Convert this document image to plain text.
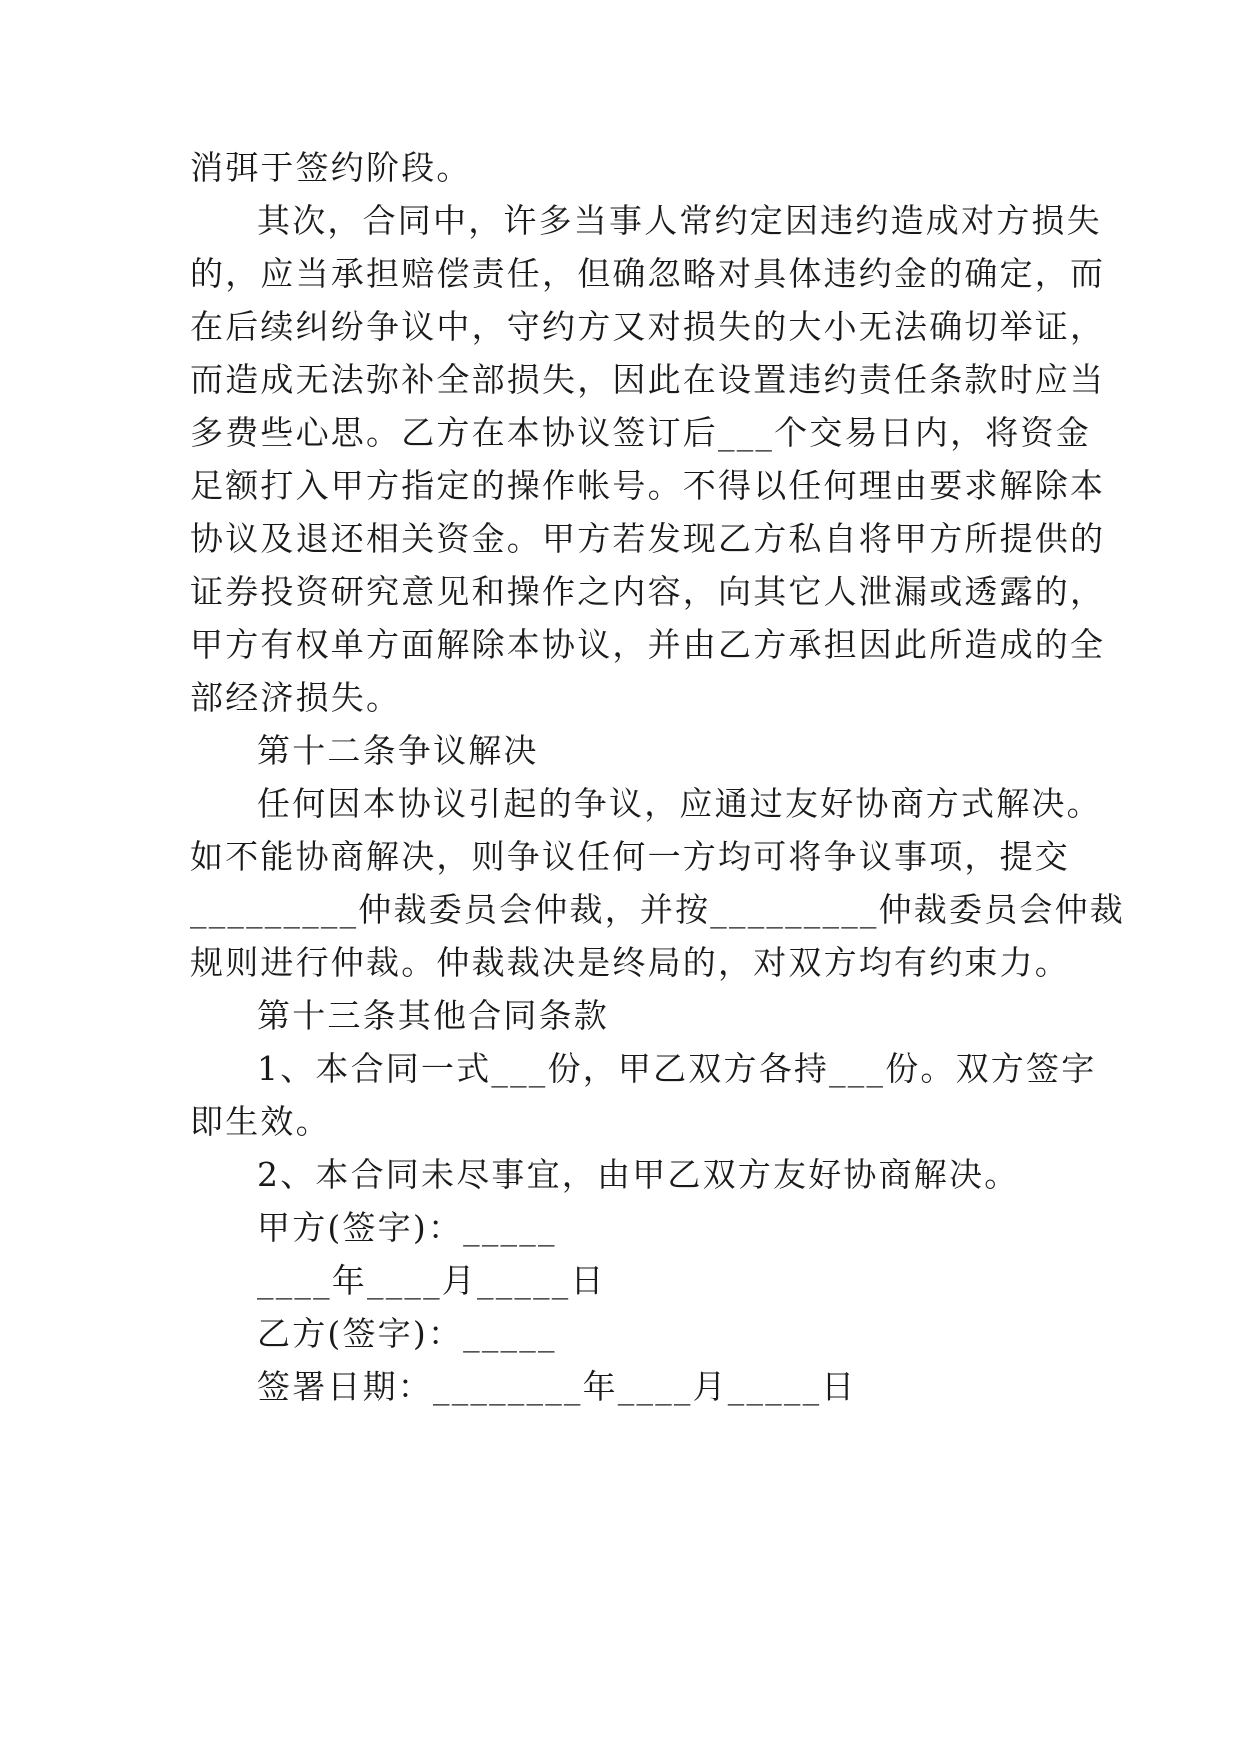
消弭于签约阶段。
其次，合同中，许多当事人常约定因违约造成对方损失
的，应当承担赔偿责任，但确忽略对具体违约金的确定，而
在后续纠纷争议中，守约方又对损失的大小无法确切举证，
而造成无法弥补全部损失，因此在设置违约责任条款时应当
多费些心思。乙方在本协议签订后___个交易日内，将资金
足额打入甲方指定的操作帐号。不得以任何理由要求解除本
协议及退还相关资金。甲方若发现乙方私自将甲方所提供的
证券投资研究意见和操作之内容，向其它人泄漏或透露的，
甲方有权单方面解除本协议，并由乙方承担因此所造成的全
部经济损失。
第十二条争议解决
任何因本协议引起的争议，应通过友好协商方式解决。
如不能协商解决，则争议任何一方均可将争议事项，提交
_________仲裁委员会仲裁，并按_________仲裁委员会仲裁
规则进行仲裁。仲裁裁决是终局的，对双方均有约束力。
第十三条其他合同条款
1、本合同一式___份，甲乙双方各持___份。双方签字
即生效。
2、本合同未尽事宜，由甲乙双方友好协商解决。
甲方(签字)：_____
____年____月_____日
乙方(签字)：_____
签署日期：________年____月_____日
